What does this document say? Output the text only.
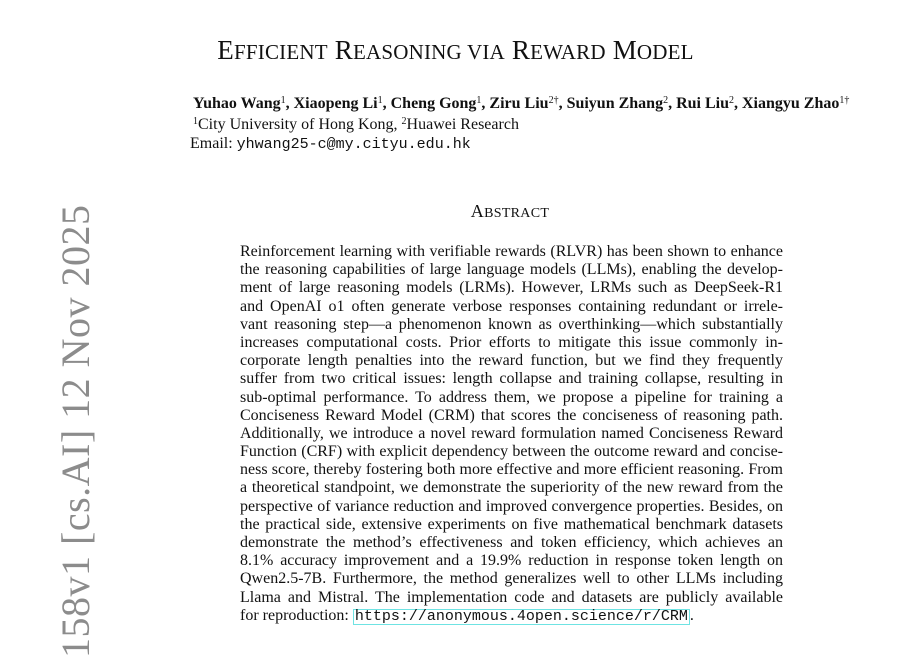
EFFICIENT REASONING VIA REWARD MODEL
Yuhao Wang$^1$, Xiaopeng Li$^1$, Cheng Gong$^1$, Ziru Liu$^{2\dagger}$, Suiyun Zhang$^2$, Rui Liu$^2$, Xiangyu Zhao$^{1\dagger}$
$^1$City University of Hong Kong, $^2$Huawei Research
Email: yhwang25-c@my.cityu.edu.hk
ABSTRACT
Reinforcement learning with verifiable rewards (RLVR) has been shown to enhance
the reasoning capabilities of large language models (LLMs), enabling the develop-
ment of large reasoning models (LRMs). However, LRMs such as DeepSeek-R1
and OpenAI o1 often generate verbose responses containing redundant or irrele-
vant reasoning step—a phenomenon known as overthinking—which substantially
increases computational costs. Prior efforts to mitigate this issue commonly in-
corporate length penalties into the reward function, but we find they frequently
suffer from two critical issues: length collapse and training collapse, resulting in
sub-optimal performance. To address them, we propose a pipeline for training a
Conciseness Reward Model (CRM) that scores the conciseness of reasoning path.
Additionally, we introduce a novel reward formulation named Conciseness Reward
Function (CRF) with explicit dependency between the outcome reward and concise-
ness score, thereby fostering both more effective and more efficient reasoning. From
a theoretical standpoint, we demonstrate the superiority of the new reward from the
perspective of variance reduction and improved convergence properties. Besides, on
the practical side, extensive experiments on five mathematical benchmark datasets
demonstrate the method’s effectiveness and token efficiency, which achieves an
8.1% accuracy improvement and a 19.9% reduction in response token length on
Qwen2.5-7B. Furthermore, the method generalizes well to other LLMs including
Llama and Mistral. The implementation code and datasets are publicly available
for reproduction: https://anonymous.4open.science/r/CRM .
158v1 [cs.AI] 12 Nov 2025
